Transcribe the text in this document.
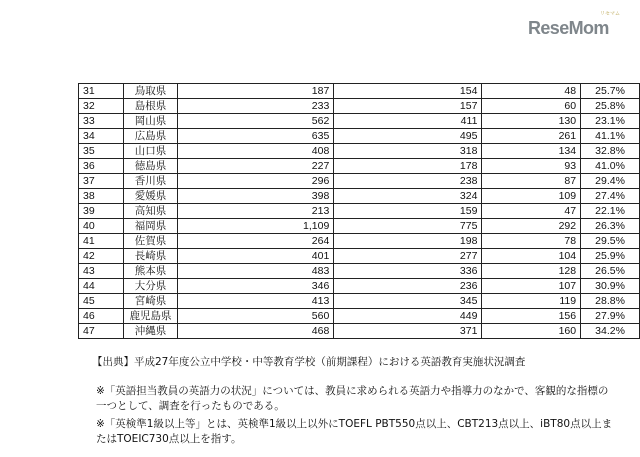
リセマム
ReseMom
31	鳥取県	187	154	48	25.7%
32	島根県	233	157	60	25.8%
33	岡山県	562	411	130	23.1%
34	広島県	635	495	261	41.1%
35	山口県	408	318	134	32.8%
36	徳島県	227	178	93	41.0%
37	香川県	296	238	87	29.4%
38	愛媛県	398	324	109	27.4%
39	高知県	213	159	47	22.1%
40	福岡県	1,109	775	292	26.3%
41	佐賀県	264	198	78	29.5%
42	長崎県	401	277	104	25.9%
43	熊本県	483	336	128	26.5%
44	大分県	346	236	107	30.9%
45	宮崎県	413	345	119	28.8%
46	鹿児島県	560	449	156	27.9%
47	沖縄県	468	371	160	34.2%
【出典】平成27年度公立中学校・中等教育学校（前期課程）における英語教育実施状況調査
※「英語担当教員の英語力の状況」については、教員に求められる英語力や指導力のなかで、客観的な指標の一つとして、調査を行ったものである。
※「英検準1級以上等」とは、英検準1級以上以外にTOEFL PBT550点以上、CBT213点以上、iBT80点以上またはTOEIC730点以上を指す。
